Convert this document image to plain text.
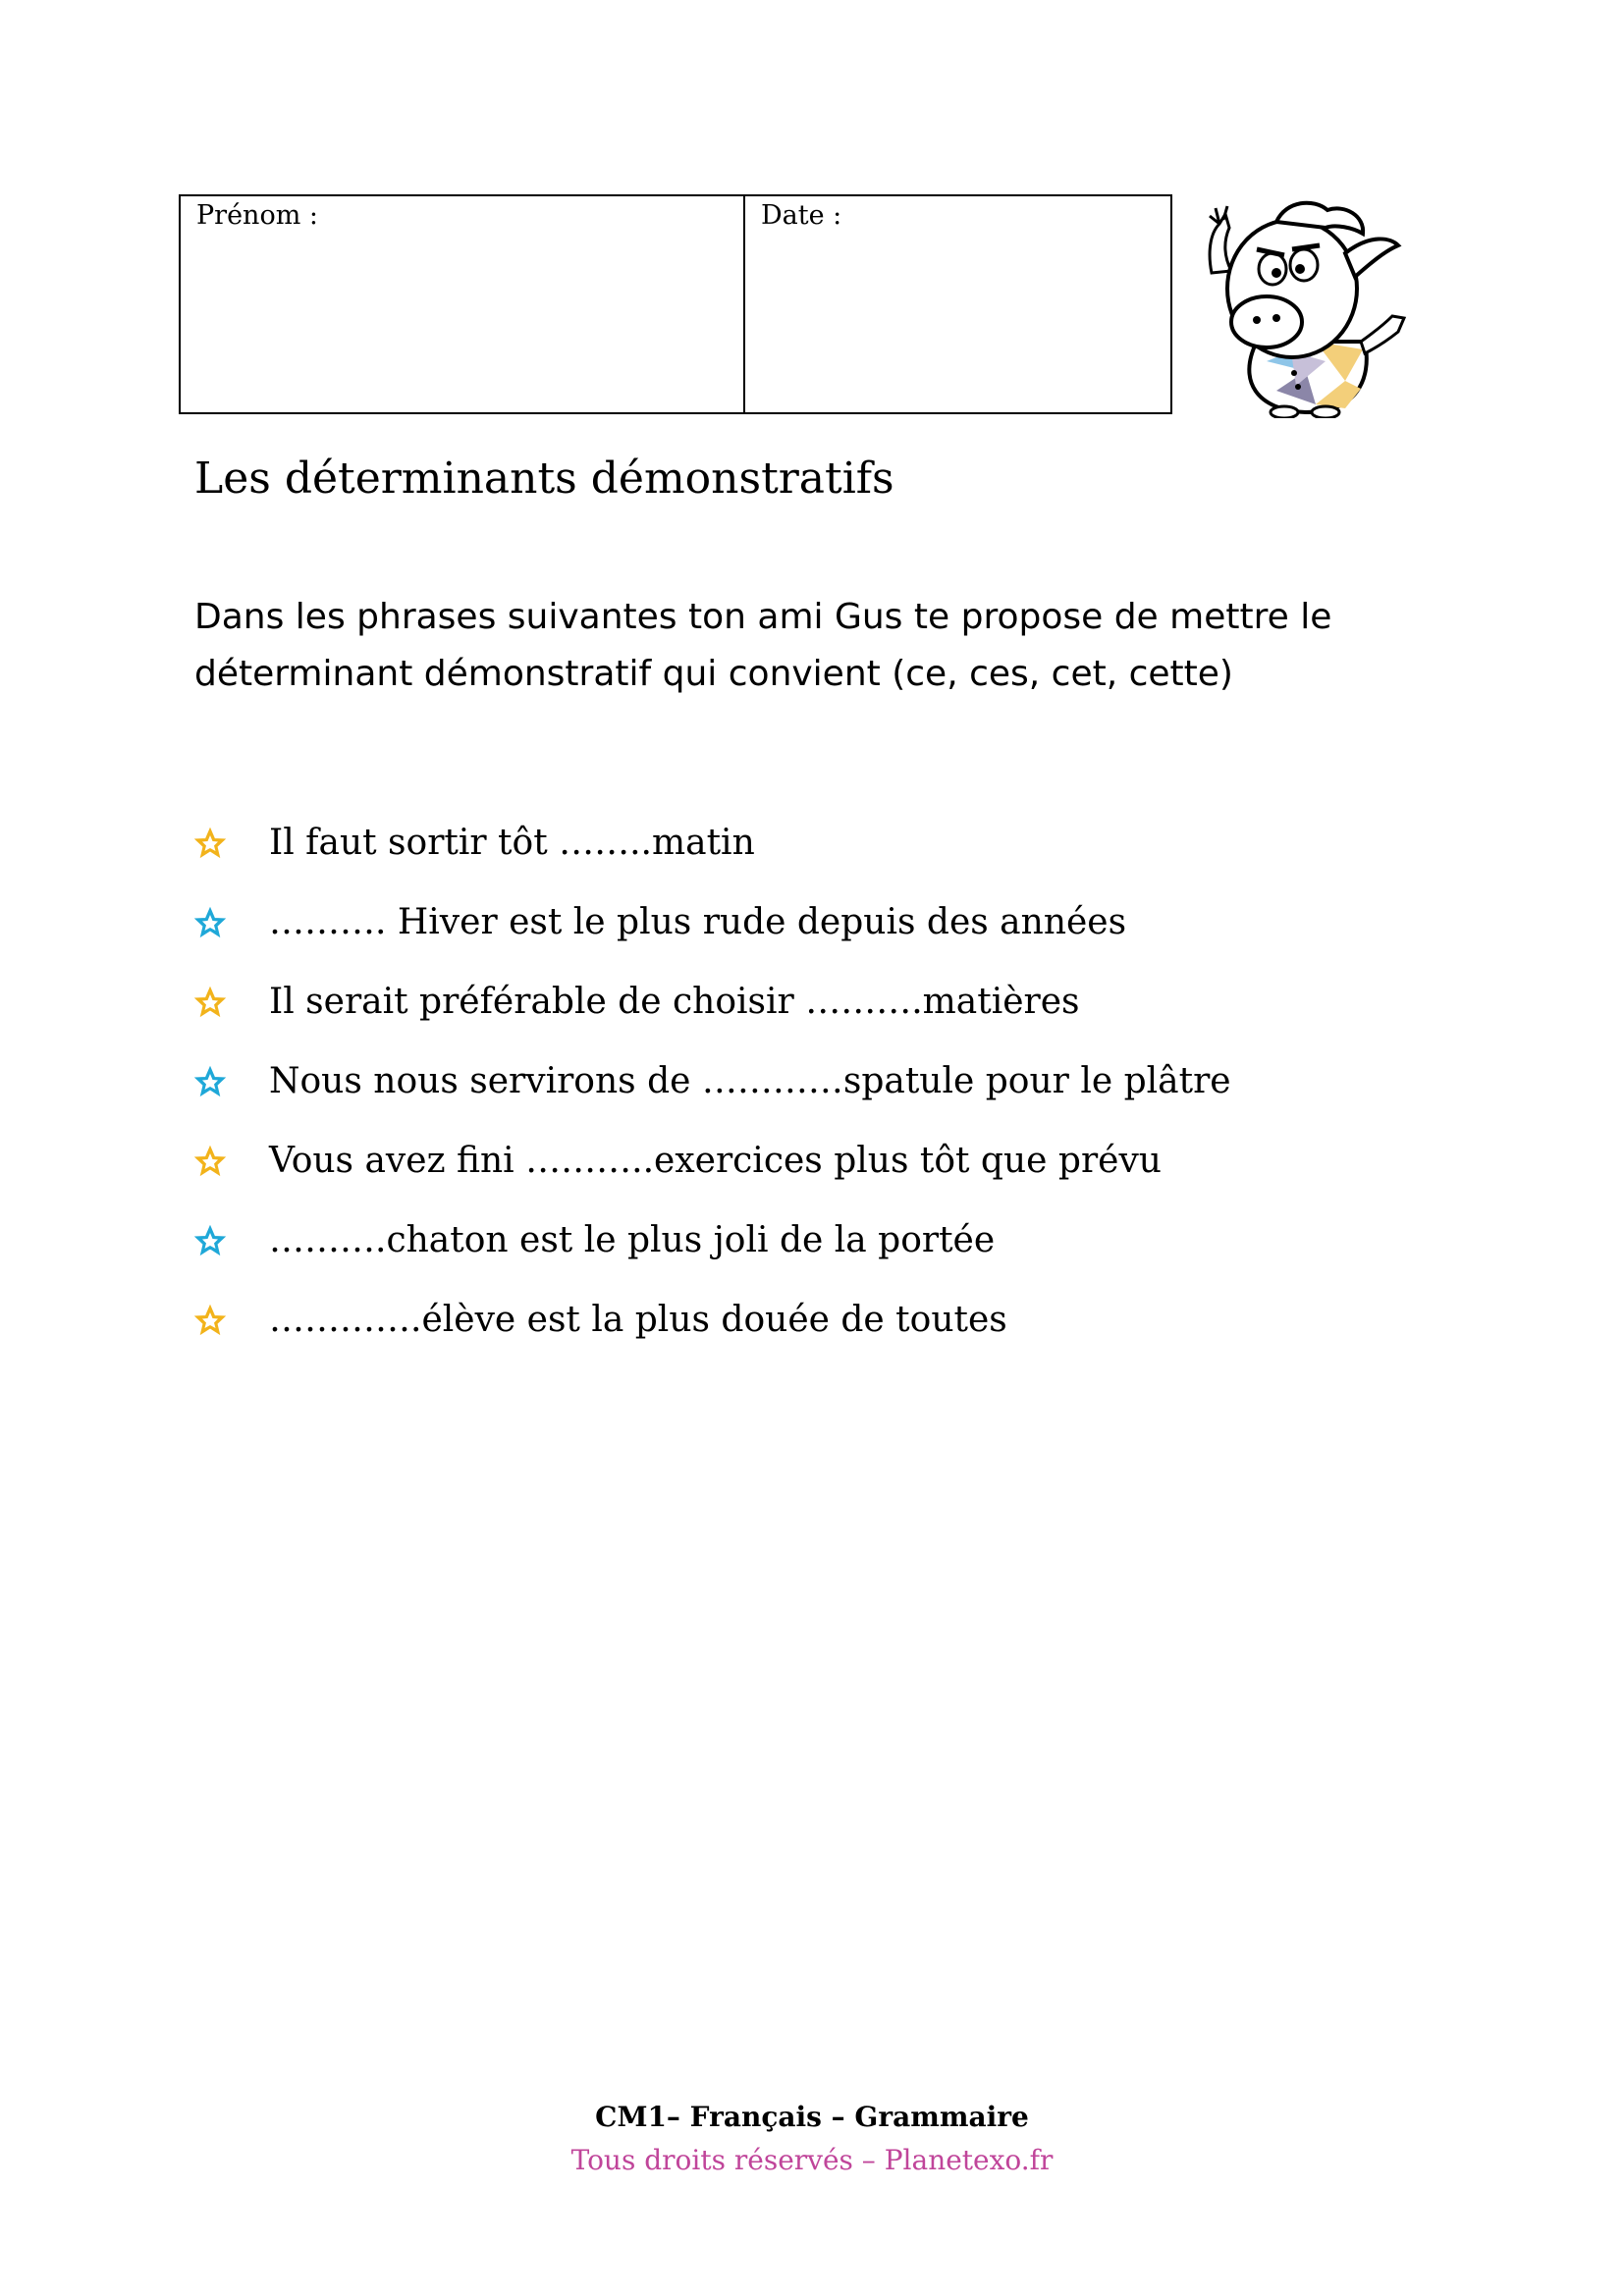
Prénom :	Date :
Les déterminants démonstratifs

Dans les phrases suivantes ton ami Gus te propose de mettre le déterminant démonstratif qui convient (ce, ces, cet, cette)

Il faut sortir tôt ……..matin
………. Hiver est le plus rude depuis des années
Il serait préférable de choisir ……….matières
Nous nous servirons de …………spatule pour le plâtre
Vous avez fini ………..exercices plus tôt que prévu
……….chaton est le plus joli de la portée
………….élève est la plus douée de toutes
CM1– Français – Grammaire
Tous droits réservés – Planetexo.fr
